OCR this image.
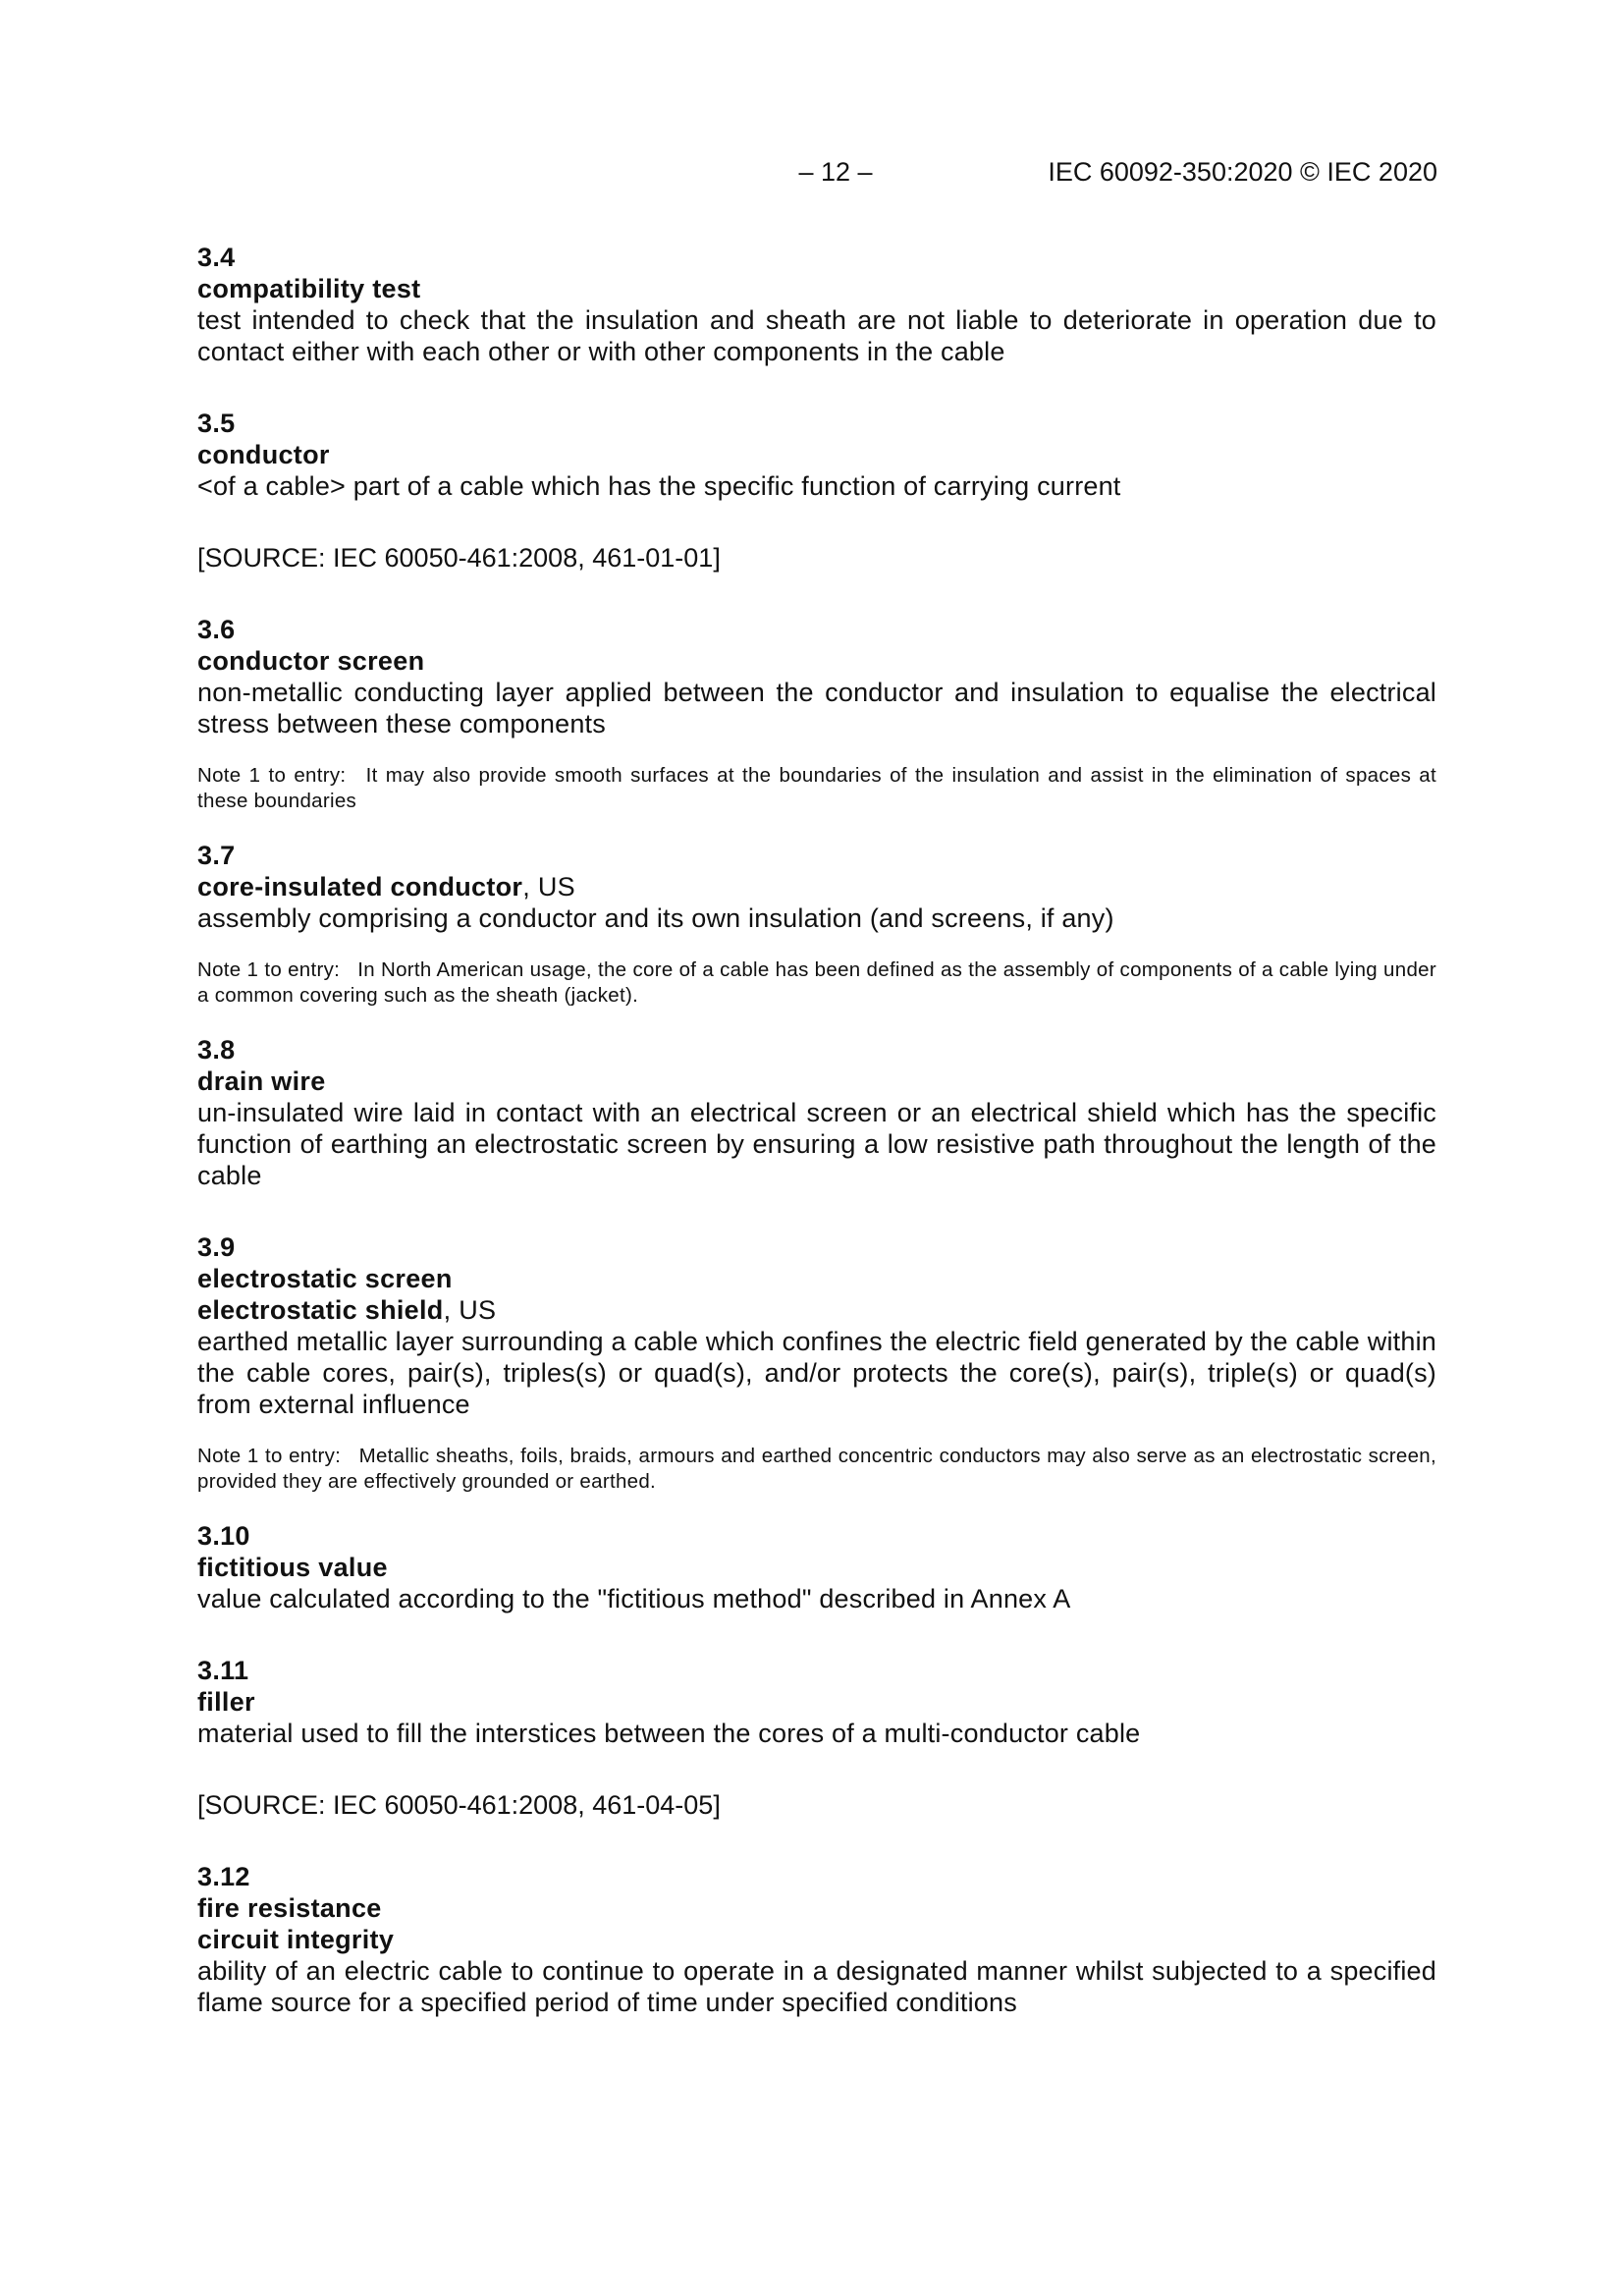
– 12 –	IEC 60092-350:2020 © IEC 2020
3.4
compatibility test
test intended to check that the insulation and sheath are not liable to deteriorate in operation due to contact either with each other or with other components in the cable
3.5
conductor
<of a cable> part of a cable which has the specific function of carrying current
[SOURCE: IEC 60050-461:2008, 461-01-01]
3.6
conductor screen
non-metallic conducting layer applied between the conductor and insulation to equalise the electrical stress between these components
Note 1 to entry: It may also provide smooth surfaces at the boundaries of the insulation and assist in the elimination of spaces at these boundaries
3.7
core-insulated conductor, US
assembly comprising a conductor and its own insulation (and screens, if any)
Note 1 to entry: In North American usage, the core of a cable has been defined as the assembly of components of a cable lying under a common covering such as the sheath (jacket).
3.8
drain wire
un-insulated wire laid in contact with an electrical screen or an electrical shield which has the specific function of earthing an electrostatic screen by ensuring a low resistive path throughout the length of the cable
3.9
electrostatic screen
electrostatic shield, US
earthed metallic layer surrounding a cable which confines the electric field generated by the cable within the cable cores, pair(s), triples(s) or quad(s), and/or protects the core(s), pair(s), triple(s) or quad(s) from external influence
Note 1 to entry: Metallic sheaths, foils, braids, armours and earthed concentric conductors may also serve as an electrostatic screen, provided they are effectively grounded or earthed.
3.10
fictitious value
value calculated according to the "fictitious method" described in Annex A
3.11
filler
material used to fill the interstices between the cores of a multi-conductor cable
[SOURCE: IEC 60050-461:2008, 461-04-05]
3.12
fire resistance
circuit integrity
ability of an electric cable to continue to operate in a designated manner whilst subjected to a specified flame source for a specified period of time under specified conditions
